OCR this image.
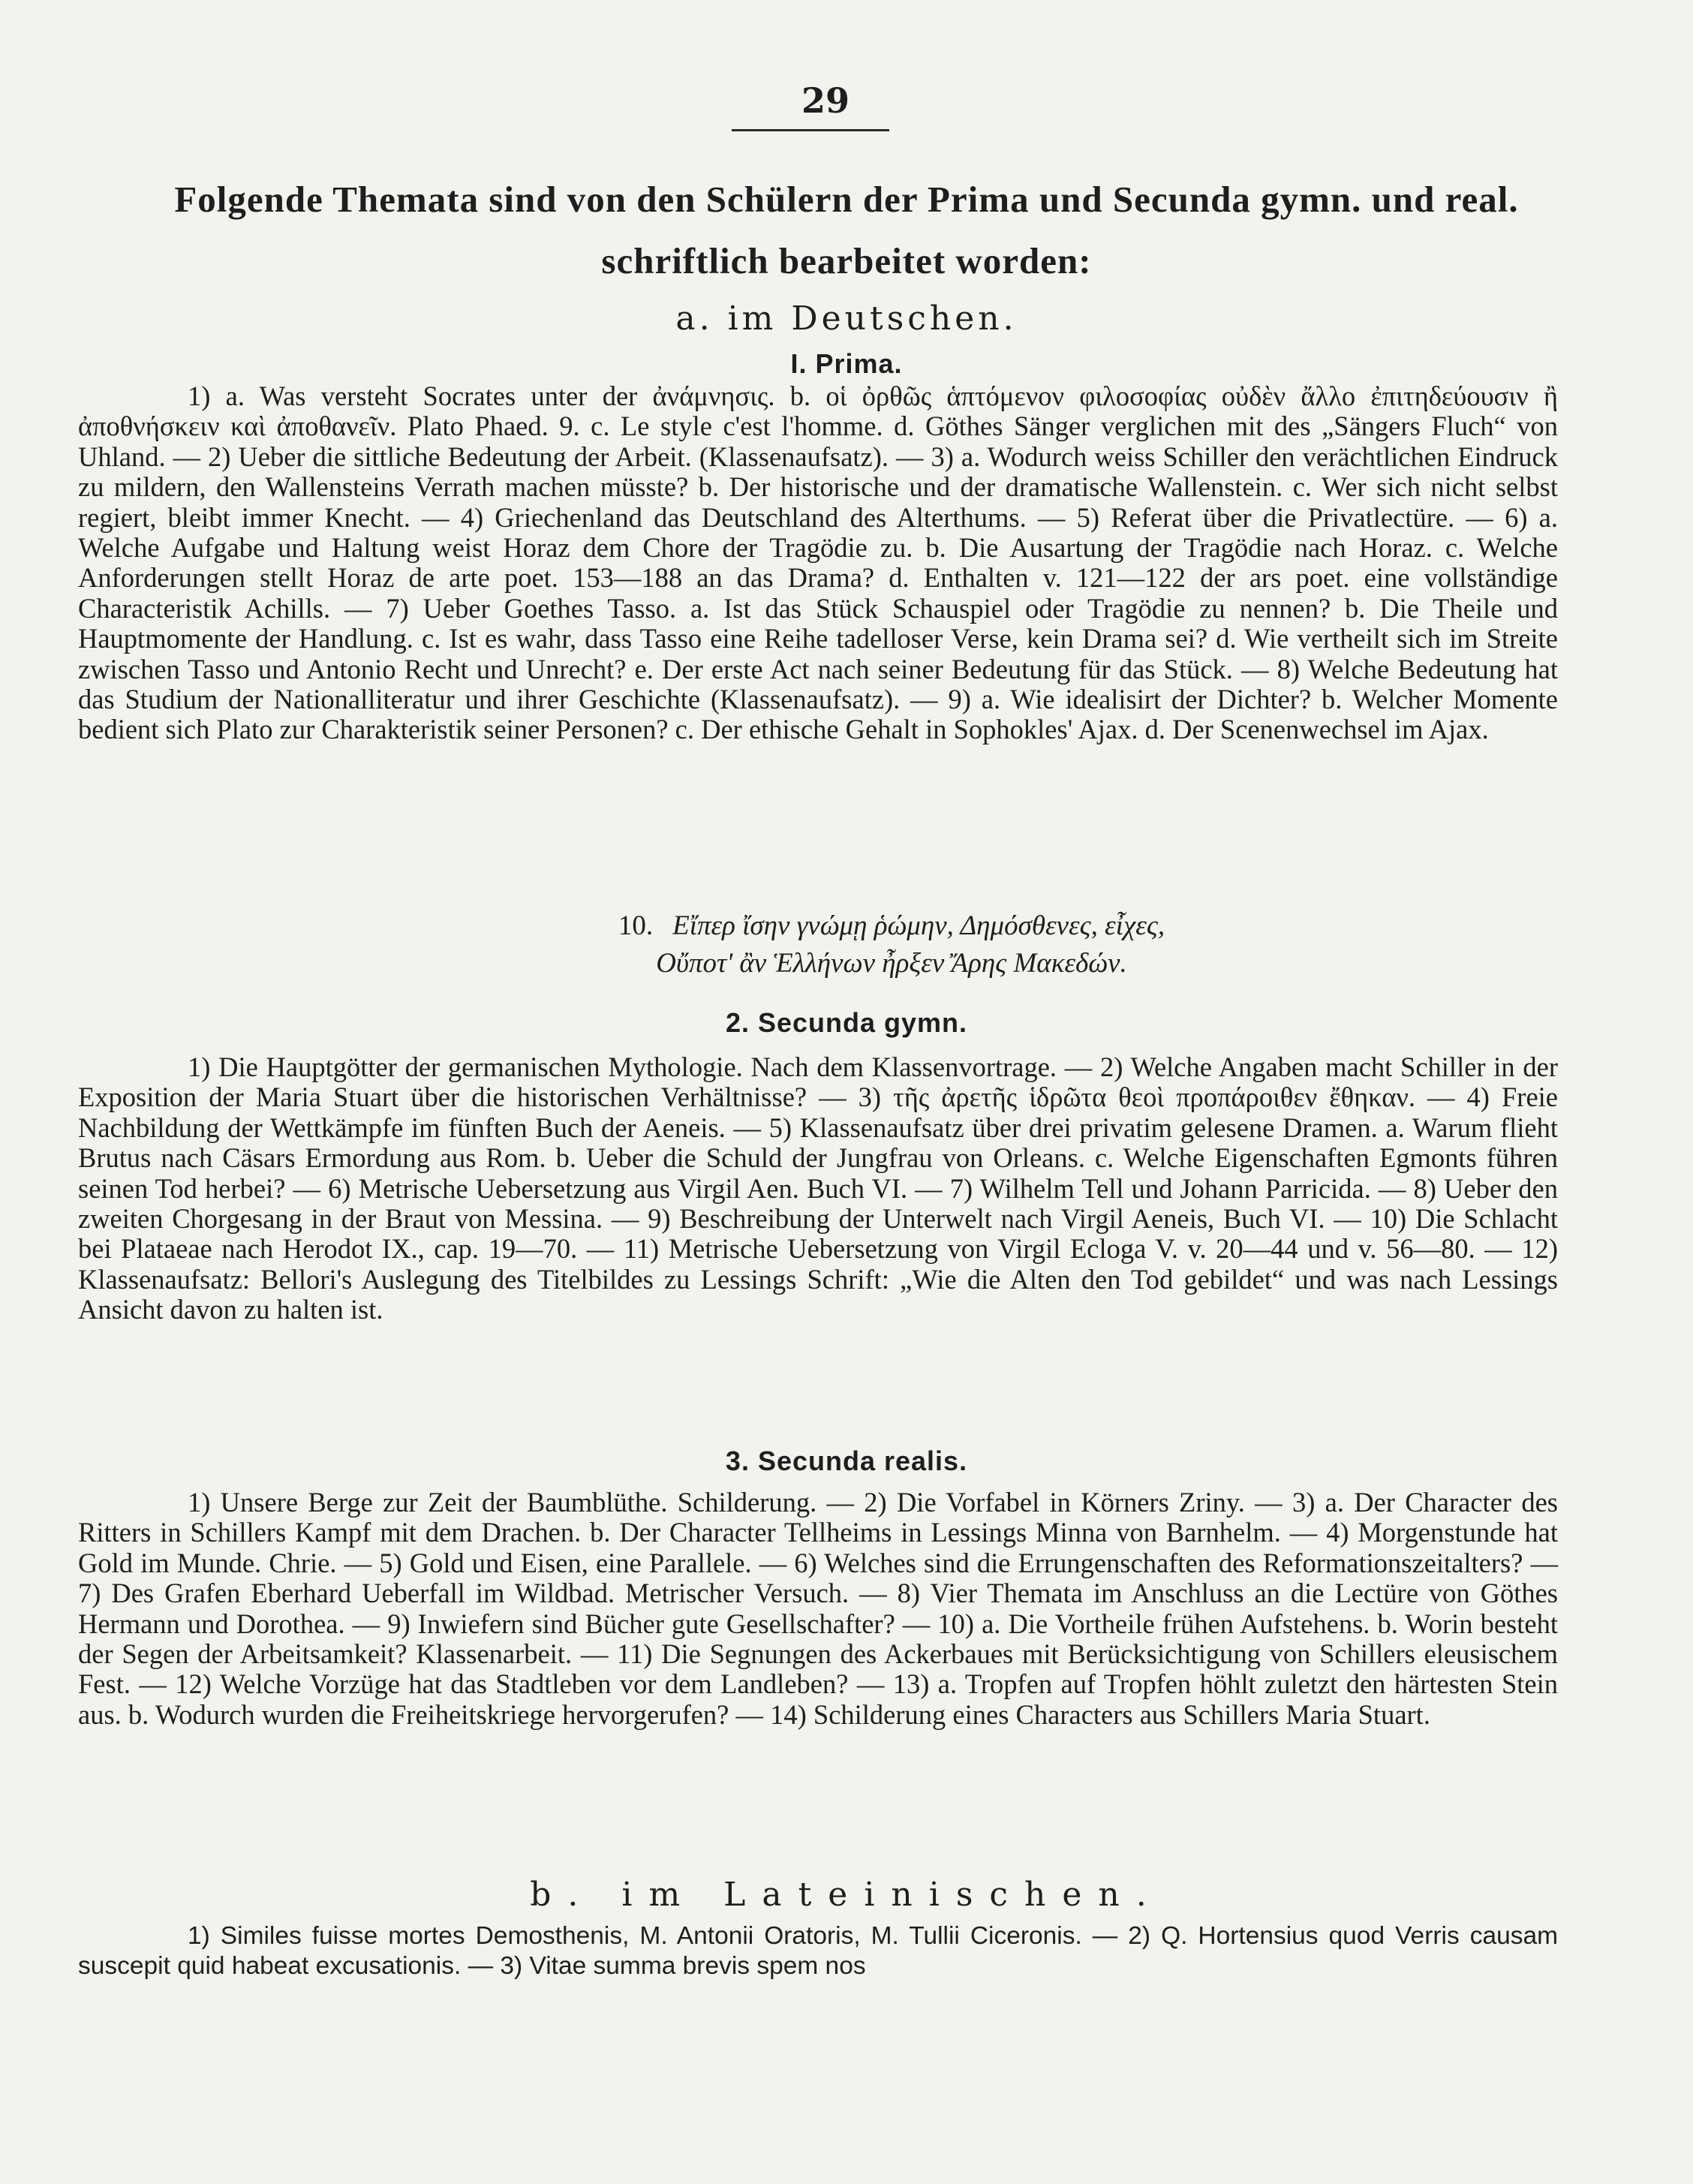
29
Folgende Themata sind von den Schülern der Prima und Secunda gymn. und real.
schriftlich bearbeitet worden:
a. im Deutschen.
I. Prima.
1) a. Was versteht Socrates unter der ἀνάμνησις. b. οἱ ὀρθῶς ἁπτόμενον φιλοσοφίας οὐδὲν ἄλλο ἐπιτηδεύουσιν ἢ ἀποθνήσκειν καὶ ἀποθανεῖν. Plato Phaed. 9. c. Le style c'est l'homme. d. Göthes Sänger verglichen mit des „Sängers Fluch“ von Uhland. — 2) Ueber die sittliche Bedeutung der Arbeit. (Klassenaufsatz). — 3) a. Wodurch weiss Schiller den verächtlichen Eindruck zu mildern, den Wallensteins Verrath machen müsste? b. Der historische und der dramatische Wallenstein. c. Wer sich nicht selbst regiert, bleibt immer Knecht. — 4) Griechenland das Deutschland des Alterthums. — 5) Referat über die Privatlectüre. — 6) a. Welche Aufgabe und Haltung weist Horaz dem Chore der Tragödie zu. b. Die Ausartung der Tragödie nach Horaz. c. Welche Anforderungen stellt Horaz de arte poet. 153—188 an das Drama? d. Enthalten v. 121—122 der ars poet. eine vollständige Characteristik Achills. — 7) Ueber Goethes Tasso. a. Ist das Stück Schauspiel oder Tragödie zu nennen? b. Die Theile und Hauptmomente der Handlung. c. Ist es wahr, dass Tasso eine Reihe tadelloser Verse, kein Drama sei? d. Wie vertheilt sich im Streite zwischen Tasso und Antonio Recht und Unrecht? e. Der erste Act nach seiner Bedeutung für das Stück. — 8) Welche Bedeutung hat das Studium der Nationalliteratur und ihrer Geschichte (Klassenaufsatz). — 9) a. Wie idealisirt der Dichter? b. Welcher Momente bedient sich Plato zur Charakteristik seiner Personen? c. Der ethische Gehalt in Sophokles' Ajax. d. Der Scenenwechsel im Ajax.
10. Εἴπερ ἴσην γνώμῃ ῥώμην, Δημόσθενες, εἶχες,
Οὔποτ' ἂν Ἑλλήνων ἦρξεν Ἄρης Μακεδών.
2. Secunda gymn.
1) Die Hauptgötter der germanischen Mythologie. Nach dem Klassenvortrage. — 2) Welche Angaben macht Schiller in der Exposition der Maria Stuart über die historischen Verhältnisse? — 3) τῆς ἀρετῆς ἱδρῶτα θεοὶ προπάροιθεν ἔθηκαν. — 4) Freie Nachbildung der Wettkämpfe im fünften Buch der Aeneis. — 5) Klassenaufsatz über drei privatim gelesene Dramen. a. Warum flieht Brutus nach Cäsars Ermordung aus Rom. b. Ueber die Schuld der Jungfrau von Orleans. c. Welche Eigenschaften Egmonts führen seinen Tod herbei? — 6) Metrische Uebersetzung aus Virgil Aen. Buch VI. — 7) Wilhelm Tell und Johann Parricida. — 8) Ueber den zweiten Chorgesang in der Braut von Messina. — 9) Beschreibung der Unterwelt nach Virgil Aeneis, Buch VI. — 10) Die Schlacht bei Plataeae nach Herodot IX., cap. 19—70. — 11) Metrische Uebersetzung von Virgil Ecloga V. v. 20—44 und v. 56—80. — 12) Klassenaufsatz: Bellori's Auslegung des Titelbildes zu Lessings Schrift: „Wie die Alten den Tod gebildet“ und was nach Lessings Ansicht davon zu halten ist.
3. Secunda realis.
1) Unsere Berge zur Zeit der Baumblüthe. Schilderung. — 2) Die Vorfabel in Körners Zriny. — 3) a. Der Character des Ritters in Schillers Kampf mit dem Drachen. b. Der Character Tellheims in Lessings Minna von Barnhelm. — 4) Morgenstunde hat Gold im Munde. Chrie. — 5) Gold und Eisen, eine Parallele. — 6) Welches sind die Errungenschaften des Reformationszeitalters? — 7) Des Grafen Eberhard Ueberfall im Wildbad. Metrischer Versuch. — 8) Vier Themata im Anschluss an die Lectüre von Göthes Hermann und Dorothea. — 9) Inwiefern sind Bücher gute Gesellschafter? — 10) a. Die Vortheile frühen Aufstehens. b. Worin besteht der Segen der Arbeitsamkeit? Klassenarbeit. — 11) Die Segnungen des Ackerbaues mit Berücksichtigung von Schillers eleusischem Fest. — 12) Welche Vorzüge hat das Stadtleben vor dem Landleben? — 13) a. Tropfen auf Tropfen höhlt zuletzt den härtesten Stein aus. b. Wodurch wurden die Freiheitskriege hervorgerufen? — 14) Schilderung eines Characters aus Schillers Maria Stuart.
b. im Lateinischen.
1) Similes fuisse mortes Demosthenis, M. Antonii Oratoris, M. Tullii Ciceronis. — 2) Q. Hortensius quod Verris causam suscepit quid habeat excusationis. — 3) Vitae summa brevis spem nos
